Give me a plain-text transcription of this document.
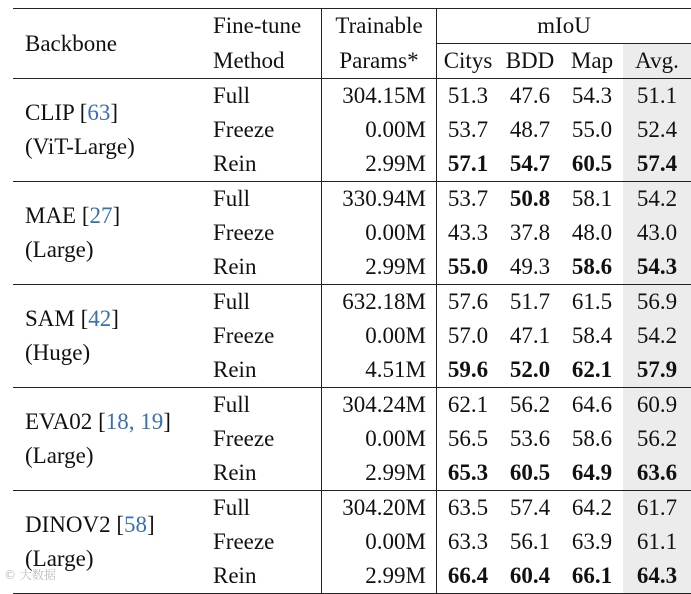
Backbone	Fine-tune	Trainable	mIoU			
	Method	Params*	Citys	BDD	Map	Avg.

CLIP [63]
(ViT-Large)	Full	304.15M	51.3	47.6	54.3	51.1
	Freeze	0.00M	53.7	48.7	55.0	52.4
	Rein	2.99M	57.1	54.7	60.5	57.4

MAE [27]
(Large)	Full	330.94M	53.7	50.8	58.1	54.2
	Freeze	0.00M	43.3	37.8	48.0	43.0
	Rein	2.99M	55.0	49.3	58.6	54.3

SAM [42]
(Huge)	Full	632.18M	57.6	51.7	61.5	56.9
	Freeze	0.00M	57.0	47.1	58.4	54.2
	Rein	4.51M	59.6	52.0	62.1	57.9

EVA02 [18, 19]
(Large)	Full	304.24M	62.1	56.2	64.6	60.9
	Freeze	0.00M	56.5	53.6	58.6	56.2
	Rein	2.99M	65.3	60.5	64.9	63.6

DINOV2 [58]
(Large)	Full	304.20M	63.5	57.4	64.2	61.7
	Freeze	0.00M	63.3	56.1	63.9	61.1
	Rein	2.99M	66.4	60.4	66.1	64.3
© 大数据
